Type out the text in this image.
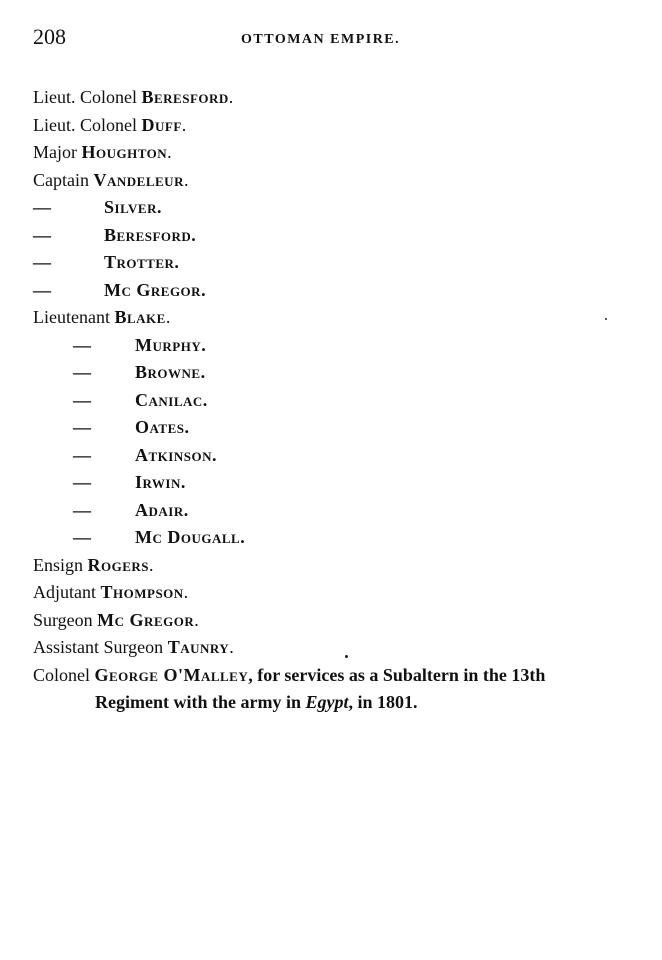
208	OTTOMAN EMPIRE.
Lieut. Colonel Beresford.
Lieut. Colonel Duff.
Major Houghton.
Captain Vandeleur.
—	Silver.
—	Beresford.
—	Trotter.
—	Mc Gregor.
Lieutenant Blake.
—	Murphy.
—	Browne.
—	Canilac.
—	Oates.
—	Atkinson.
—	Irwin.
—	Adair.
—	Mc Dougall.
Ensign Rogers.
Adjutant Thompson.
Surgeon Mc Gregor.
Assistant Surgeon Taunry.
Colonel George O'Malley, for services as a Subaltern in the 13th
Regiment with the army in Egypt, in 1801.
